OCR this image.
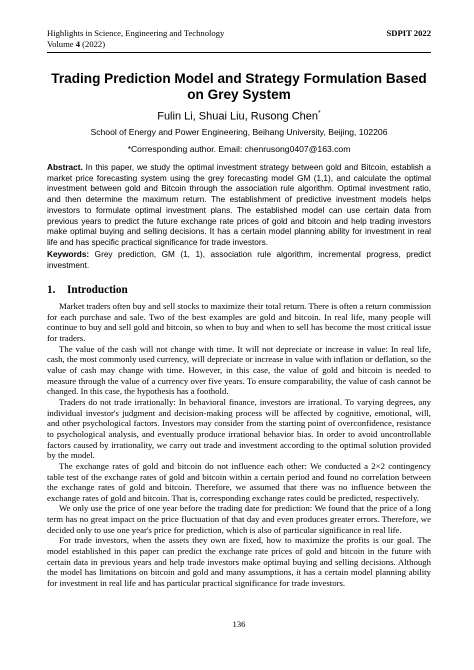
Highlights in Science, Engineering and Technology
Volume 4 (2022)
SDPIT 2022
Trading Prediction Model and Strategy Formulation Based on Grey System
Fulin Li, Shuai Liu, Rusong Chen*
School of Energy and Power Engineering, Beihang University, Beijing, 102206
*Corresponding author. Email: chenrusong0407@163.com
Abstract. In this paper, we study the optimal investment strategy between gold and Bitcoin, establish a market price forecasting system using the grey forecasting model GM (1,1), and calculate the optimal investment between gold and Bitcoin through the association rule algorithm. Optimal investment ratio, and then determine the maximum return. The establishment of predictive investment models helps investors to formulate optimal investment plans. The established model can use certain data from previous years to predict the future exchange rate prices of gold and bitcoin and help trading investors make optimal buying and selling decisions. It has a certain model planning ability for investment in real life and has specific practical significance for trade investors.
Keywords: Grey prediction, GM (1, 1), association rule algorithm, incremental progress, predict investment.
1. Introduction

Market traders often buy and sell stocks to maximize their total return. There is often a return commission for each purchase and sale. Two of the best examples are gold and bitcoin. In real life, many people will continue to buy and sell gold and bitcoin, so when to buy and when to sell has become the most critical issue for traders.

The value of the cash will not change with time. It will not depreciate or increase in value: In real life, cash, the most commonly used currency, will depreciate or increase in value with inflation or deflation, so the value of cash may change with time. However, in this case, the value of gold and bitcoin is needed to measure through the value of a currency over five years. To ensure comparability, the value of cash cannot be changed. In this case, the hypothesis has a foothold.

Traders do not trade irrationally: In behavioral finance, investors are irrational. To varying degrees, any individual investor's judgment and decision-making process will be affected by cognitive, emotional, will, and other psychological factors. Investors may consider from the starting point of overconfidence, resistance to psychological analysis, and eventually produce irrational behavior bias. In order to avoid uncontrollable factors caused by irrationality, we carry out trade and investment according to the optimal solution provided by the model.

The exchange rates of gold and bitcoin do not influence each other: We conducted a 2×2 contingency table test of the exchange rates of gold and bitcoin within a certain period and found no correlation between the exchange rates of gold and bitcoin. Therefore, we assumed that there was no influence between the exchange rates of gold and bitcoin. That is, corresponding exchange rates could be predicted, respectively.

We only use the price of one year before the trading date for prediction: We found that the price of a long term has no great impact on the price fluctuation of that day and even produces greater errors. Therefore, we decided only to use one year's price for prediction, which is also of particular significance in real life.

For trade investors, when the assets they own are fixed, how to maximize the profits is our goal. The model established in this paper can predict the exchange rate prices of gold and bitcoin in the future with certain data in previous years and help trade investors make optimal buying and selling decisions. Although the model has limitations on bitcoin and gold and many assumptions, it has a certain model planning ability for investment in real life and has particular practical significance for trade investors.

136
